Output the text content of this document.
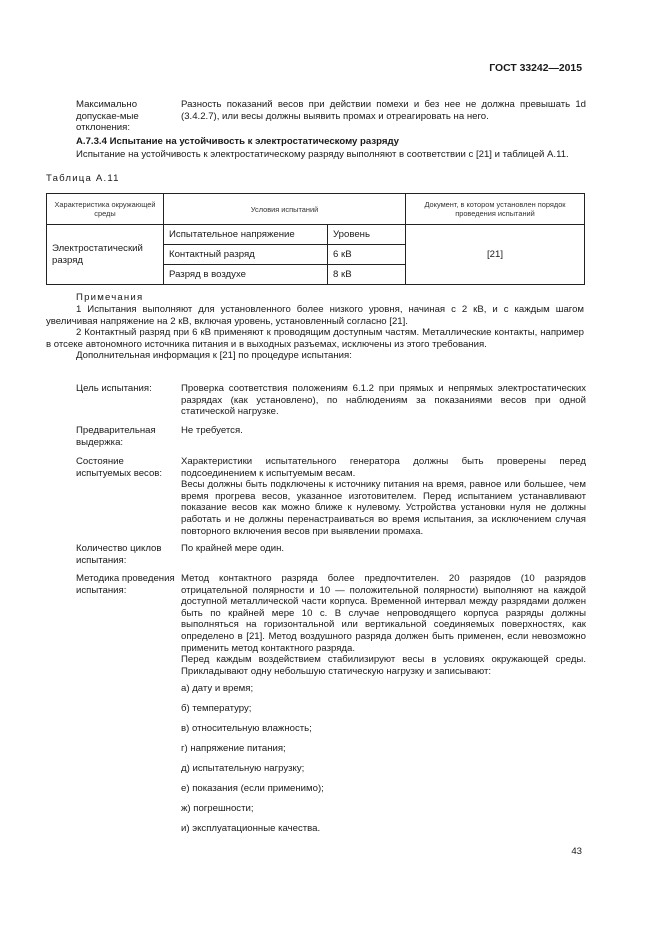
ГОСТ 33242—2015
Максимально допускае-мые отклонения:
Разность показаний весов при действии помехи и без нее не должна превышать 1d (3.4.2.7), или весы должны выявить промах и отреагировать на него.
А.7.3.4 Испытание на устойчивость к электростатическому разряду
Испытание на устойчивость к электростатическому разряду выполняют в соответствии с [21] и таблицей А.11.
Таблица А.11
Характеристика окружающей среды	Условия испытаний		Документ, в котором установлен порядок проведения испытаний
Электростатический разряд	Испытательное напряжение	Уровень	[21]
	Контактный разряд	6 кВ	
	Разряд в воздухе	8 кВ	
Примечания

1 Испытания выполняют для установленного более низкого уровня, начиная с 2 кВ, и с каждым шагом увеличивая напряжение на 2 кВ, включая уровень, установленный согласно [21].

2 Контактный разряд при 6 кВ применяют к проводящим доступным частям. Металлические контакты, например в отсеке автономного источника питания и в выходных разъемах, исключены из этого требования.

Дополнительная информация к [21] по процедуре испытания:

Цель испытания:	Проверка соответствия положениям 6.1.2 при прямых и непрямых электростатических разрядах (как установлено), по наблюдениям за показаниями весов при одной статической нагрузке.

Предварительная выдержка:

Не требуется.

Состояние испытуемых весов:

Характеристики испытательного генератора должны быть проверены перед подсоединением к испытуемым весам.

Весы должны быть подключены к источнику питания на время, равное или большее, чем время прогрева весов, указанное изготовителем. Перед испытанием устанавливают показание весов как можно ближе к нулевому. Устройства установки нуля не должны работать и не должны перенастраиваться во время испытания, за исключением случая повторного включения весов при выявлении промаха.

Количество циклов испытания:

По крайней мере один.

Методика проведения испытания:

Метод контактного разряда более предпочтителен. 20 разрядов (10 разрядов отрицательной полярности и 10 — положительной полярности) выполняют на каждой доступной металлической части корпуса. Временной интервал между разрядами должен быть по крайней мере 10 с. В случае непроводящего корпуса разряды должны выполняться на горизонтальной или вертикальной соединяемых поверхностях, как определено в [21]. Метод воздушного разряда должен быть применен, если невозможно применить метод контактного разряда.

Перед каждым воздействием стабилизируют весы в условиях окружающей среды. Прикладывают одну небольшую статическую нагрузку и записывают:

а) дату и время;
б) температуру;
в) относительную влажность;
г) напряжение питания;
д) испытательную нагрузку;
е) показания (если применимо);
ж) погрешности;
и) эксплуатационные качества.
43
